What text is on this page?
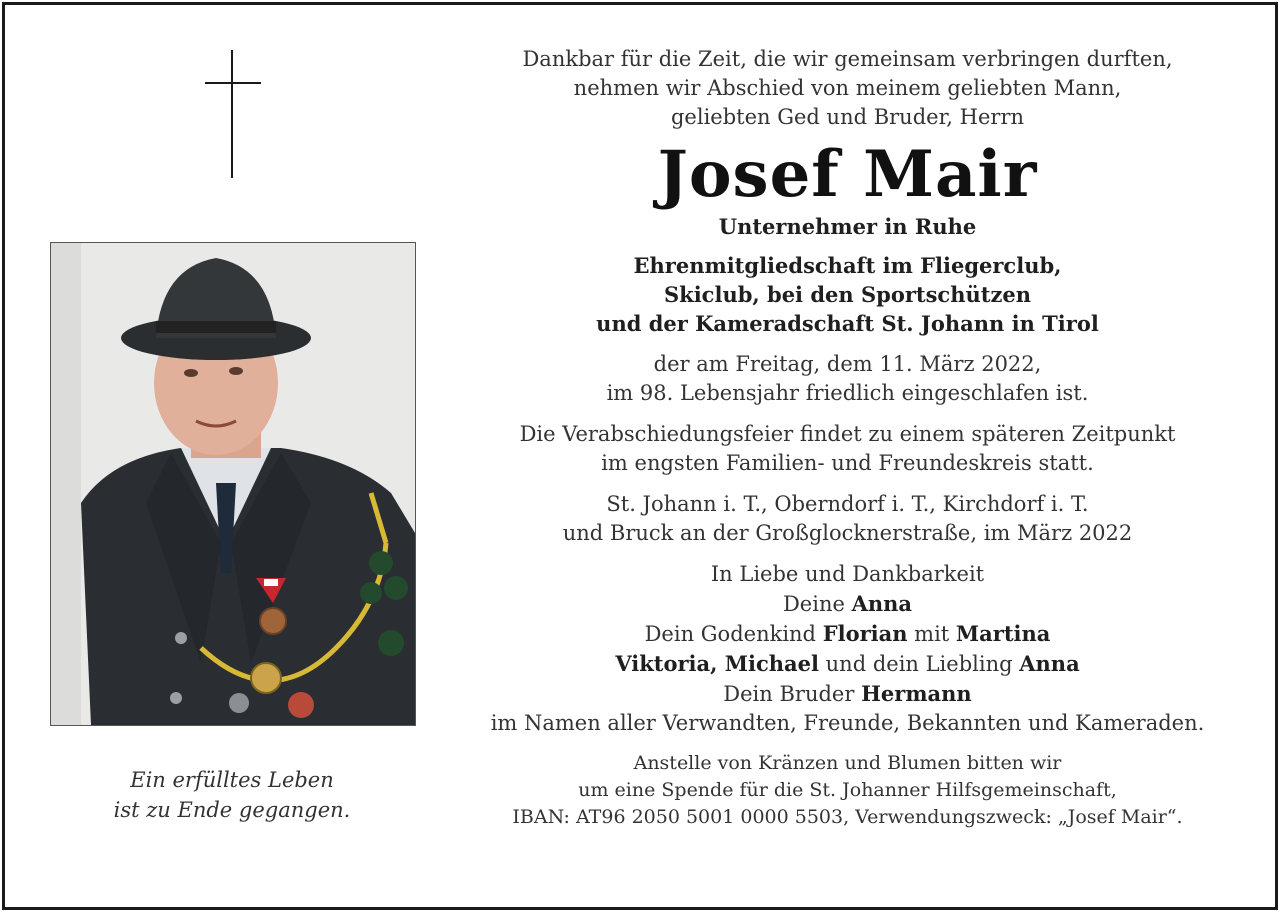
Ein erfülltes Leben
ist zu Ende gegangen.

Dankbar für die Zeit, die wir gemeinsam verbringen durften,

nehmen wir Abschied von meinem geliebten Mann,

geliebten Ged und Bruder, Herrn

Josef Mair

Unternehmer in Ruhe

Ehrenmitgliedschaft im Fliegerclub,

Skiclub, bei den Sportschützen

und der Kameradschaft St. Johann in Tirol

der am Freitag, dem 11. März 2022,

im 98. Lebensjahr friedlich eingeschlafen ist.

Die Verabschiedungsfeier findet zu einem späteren Zeitpunkt

im engsten Familien- und Freundeskreis statt.

St. Johann i. T., Oberndorf i. T., Kirchdorf i. T.

und Bruck an der Großglocknerstraße, im März 2022

In Liebe und Dankbarkeit

Deine Anna

Dein Godenkind Florian mit Martina

Viktoria, Michael und dein Liebling Anna

Dein Bruder Hermann

im Namen aller Verwandten, Freunde, Bekannten und Kameraden.

Anstelle von Kränzen und Blumen bitten wir

um eine Spende für die St. Johanner Hilfsgemeinschaft,

IBAN: AT96 2050 5001 0000 5503, Verwendungszweck: „Josef Mair“.
